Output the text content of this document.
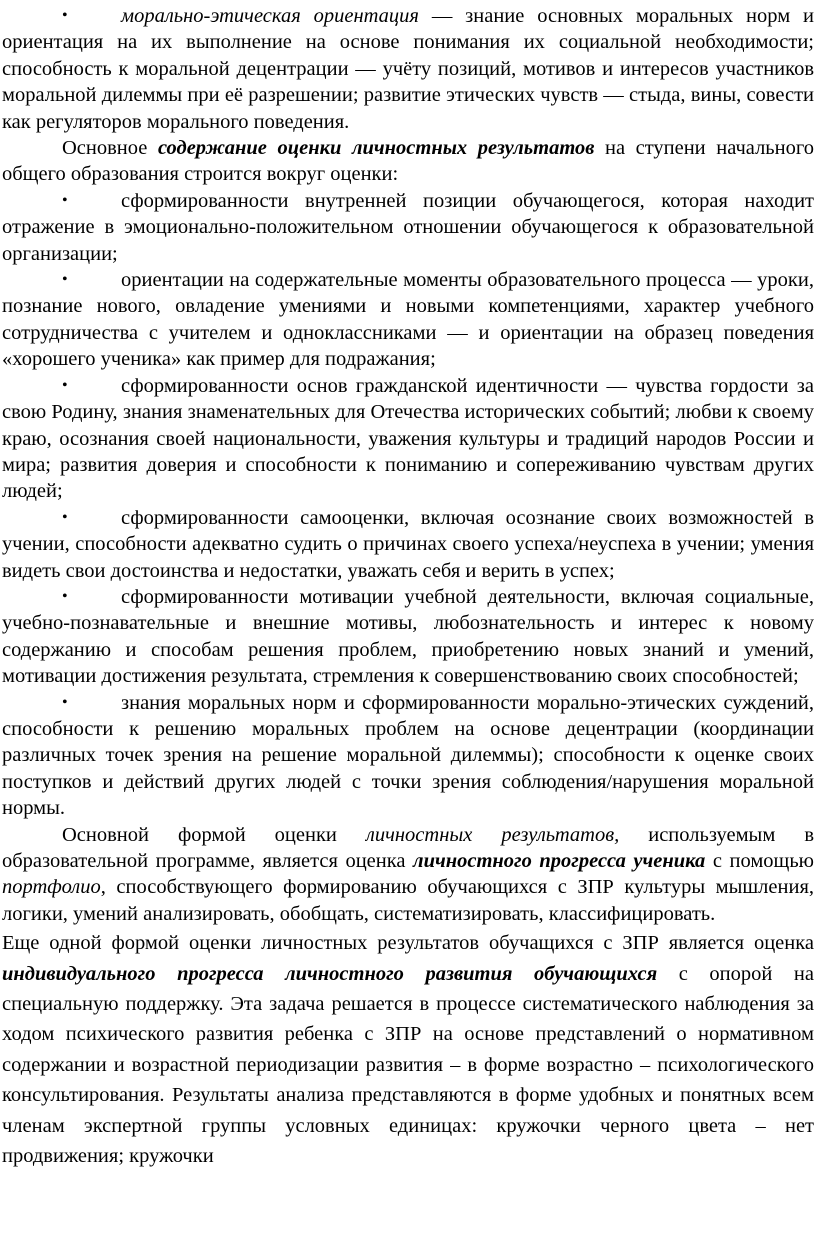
•	морально-этическая ориентация — знание основных моральных норм и ориентация на их выполнение на основе понимания их социальной необходимости; способность к моральной децентрации — учёту позиций, мотивов и интересов участников моральной дилеммы при её разрешении; развитие этических чувств — стыда, вины, совести как регуляторов морального поведения.

Основное содержание оценки личностных результатов на ступени начального общего образования строится вокруг оценки:

•	сформированности внутренней позиции обучающегося, которая находит отражение в эмоционально-положительном отношении обучающегося к образовательной организации;

•	ориентации на содержательные моменты образовательного процесса — уроки, познание нового, овладение умениями и новыми компетенциями, характер учебного сотрудничества с учителем и одноклассниками — и ориентации на образец поведения «хорошего ученика» как пример для подражания;

•	сформированности основ гражданской идентичности — чувства гордости за свою Родину, знания знаменательных для Отечества исторических событий; любви к своему краю, осознания своей национальности, уважения культуры и традиций народов России и мира; развития доверия и способности к пониманию и сопереживанию чувствам других людей;

•	сформированности самооценки, включая осознание своих возможностей в учении, способности адекватно судить о причинах своего успеха/неуспеха в учении; умения видеть свои достоинства и недостатки, уважать себя и верить в успех;

•	сформированности мотивации учебной деятельности, включая социальные, учебно-познавательные и внешние мотивы, любознательность и интерес к новому содержанию и способам решения проблем, приобретению новых знаний и умений, мотивации достижения результата, стремления к совершенствованию своих способностей;

•	знания моральных норм и сформированности морально-этических суждений, способности к решению моральных проблем на основе децентрации (координации различных точек зрения на решение моральной дилеммы); способности к оценке своих поступков и действий других людей с точки зрения соблюдения/нарушения моральной нормы.

Основной формой оценки личностных результатов, используемым в образовательной программе, является оценка личностного прогресса ученика с помощью портфолио, способствующего формированию обучающихся с ЗПР культуры мышления, логики, умений анализировать, обобщать, систематизировать, классифицировать.

Еще одной формой оценки личностных результатов обучащихся с ЗПР является оценка индивидуального прогресса личностного развития обучающихся с опорой на специальную поддержку. Эта задача решается в процессе систематического наблюдения за ходом психического развития ребенка с ЗПР на основе представлений о нормативном содержании и возрастной периодизации развития – в форме возрастно – психологического консультирования. Результаты анализа представляются в форме удобных и понятных всем членам экспертной группы условных единицах: кружочки черного цвета – нет продвижения; кружочки
